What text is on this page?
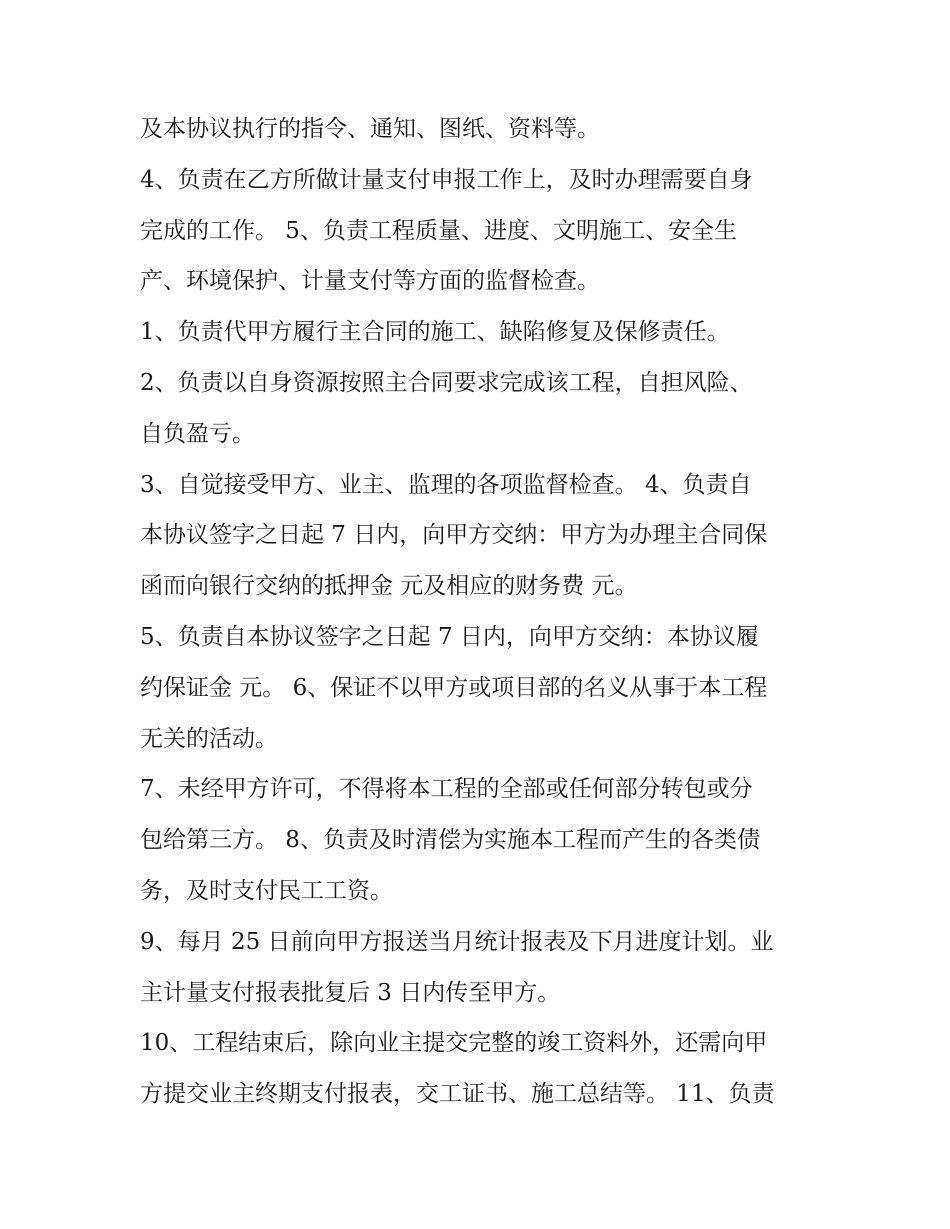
及本协议执行的指令、通知、图纸、资料等。
4、负责在乙方所做计量支付申报工作上，及时办理需要自身
完成的工作。 5、负责工程质量、进度、文明施工、安全生
产、环境保护、计量支付等方面的监督检查。
1、负责代甲方履行主合同的施工、缺陷修复及保修责任。
2、负责以自身资源按照主合同要求完成该工程，自担风险、
自负盈亏。
3、自觉接受甲方、业主、监理的各项监督检查。 4、负责自
本协议签字之日起 7 日内，向甲方交纳：甲方为办理主合同保
函而向银行交纳的抵押金 元及相应的财务费 元。
5、负责自本协议签字之日起 7 日内，向甲方交纳：本协议履
约保证金 元。 6、保证不以甲方或项目部的名义从事于本工程
无关的活动。
7、未经甲方许可，不得将本工程的全部或任何部分转包或分
包给第三方。 8、负责及时清偿为实施本工程而产生的各类债
务，及时支付民工工资。
9、每月 25 日前向甲方报送当月统计报表及下月进度计划。业
主计量支付报表批复后 3 日内传至甲方。
10、工程结束后，除向业主提交完整的竣工资料外，还需向甲
方提交业主终期支付报表，交工证书、施工总结等。 11、负责
